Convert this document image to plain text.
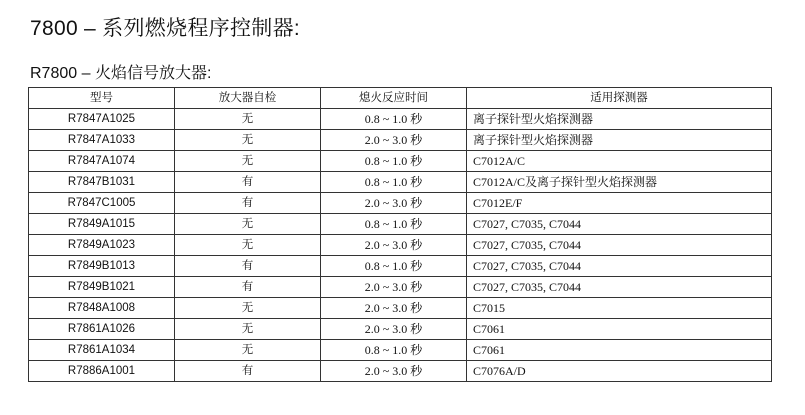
7800 – 系列燃烧程序控制器:
R7800 – 火焰信号放大器:
型号	放大器自检	熄火反应时间	适用探测器
R7847A1025	无	0.8 ~ 1.0 秒	离子探针型火焰探测器
R7847A1033	无	2.0 ~ 3.0 秒	离子探针型火焰探测器
R7847A1074	无	0.8 ~ 1.0 秒	C7012A/C
R7847B1031	有	0.8 ~ 1.0 秒	C7012A/C及离子探针型火焰探测器
R7847C1005	有	2.0 ~ 3.0 秒	C7012E/F
R7849A1015	无	0.8 ~ 1.0 秒	C7027, C7035, C7044
R7849A1023	无	2.0 ~ 3.0 秒	C7027, C7035, C7044
R7849B1013	有	0.8 ~ 1.0 秒	C7027, C7035, C7044
R7849B1021	有	2.0 ~ 3.0 秒	C7027, C7035, C7044
R7848A1008	无	2.0 ~ 3.0 秒	C7015
R7861A1026	无	2.0 ~ 3.0 秒	C7061
R7861A1034	无	0.8 ~ 1.0 秒	C7061
R7886A1001	有	2.0 ~ 3.0 秒	C7076A/D
